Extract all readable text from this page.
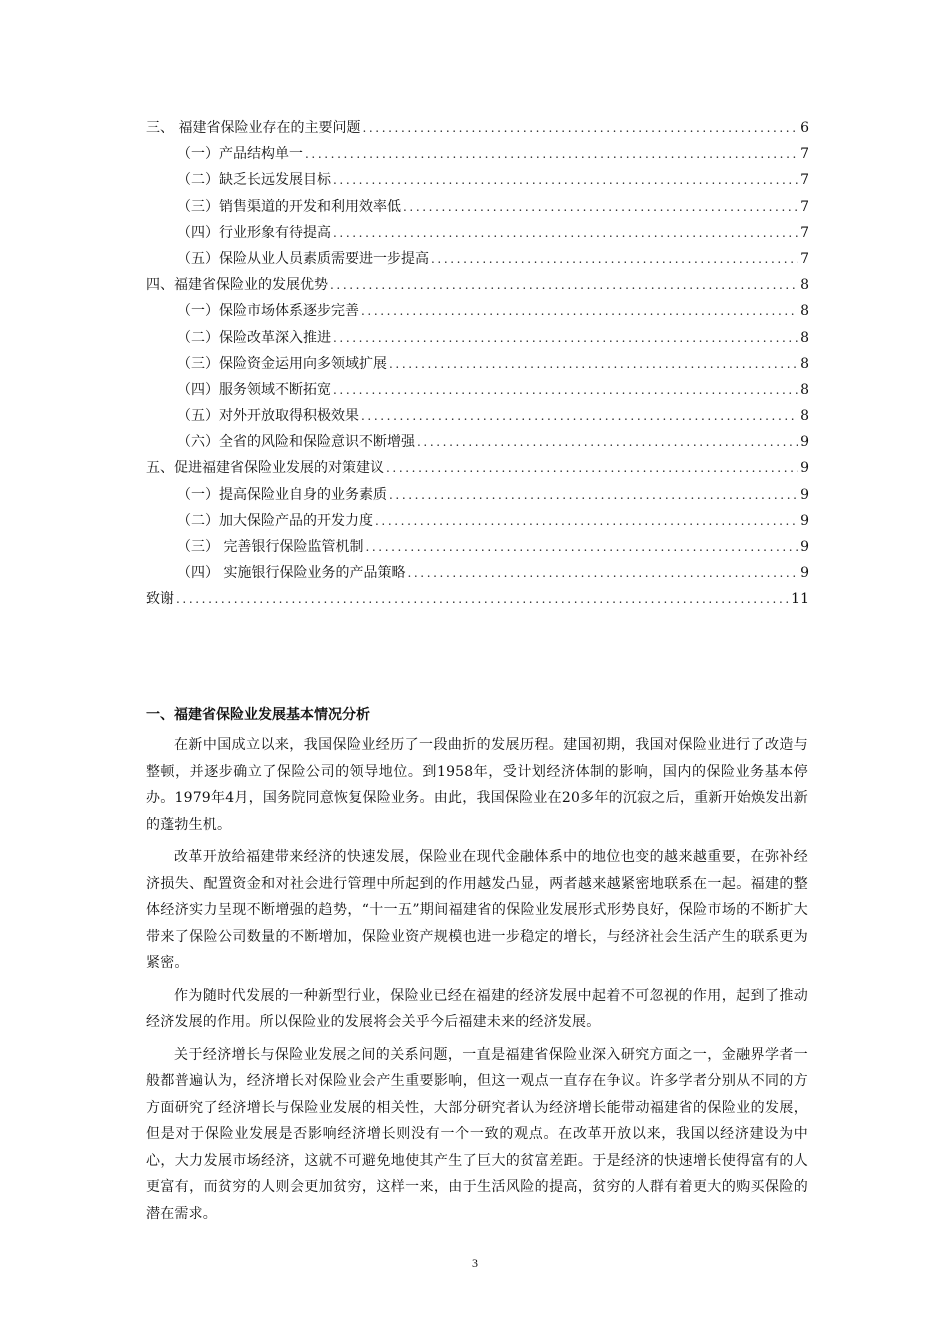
三、 福建省保险业存在的主要问题 .....	6
（一）产品结构单一 .....	7
（二）缺乏长远发展目标 .....	7
（三）销售渠道的开发和利用效率低 .....	7
（四）行业形象有待提高 .....	7
（五）保险从业人员素质需要进一步提高 .....	7
四、福建省保险业的发展优势 .....	8
（一）保险市场体系逐步完善 .....	8
（二）保险改革深入推进 .....	8
（三）保险资金运用向多领域扩展 .....	8
（四）服务领域不断拓宽 .....	8
（五）对外开放取得积极效果 .....	8
（六）全省的风险和保险意识不断增强 .....	9
五、促进福建省保险业发展的对策建议 .....	9
（一）提高保险业自身的业务素质 .....	9
（二）加大保险产品的开发力度 .....	9
（三） 完善银行保险监管机制 .....	9
（四） 实施银行保险业务的产品策略 .....	9
致谢 .....	11
一、福建省保险业发展基本情况分析

在新中国成立以来，我国保险业经历了一段曲折的发展历程。建国初期，我国对保险业进行了改造与整顿，并逐步确立了保险公司的领导地位。到1958年，受计划经济体制的影响，国内的保险业务基本停办。1979年4月，国务院同意恢复保险业务。由此，我国保险业在20多年的沉寂之后，重新开始焕发出新的蓬勃生机。

改革开放给福建带来经济的快速发展，保险业在现代金融体系中的地位也变的越来越重要，在弥补经济损失、配置资金和对社会进行管理中所起到的作用越发凸显，两者越来越紧密地联系在一起。福建的整体经济实力呈现不断增强的趋势，“十一五”期间福建省的保险业发展形式形势良好，保险市场的不断扩大带来了保险公司数量的不断增加，保险业资产规模也进一步稳定的增长，与经济社会生活产生的联系更为紧密。

作为随时代发展的一种新型行业，保险业已经在福建的经济发展中起着不可忽视的作用，起到了推动经济发展的作用。所以保险业的发展将会关乎今后福建未来的经济发展。

关于经济增长与保险业发展之间的关系问题，一直是福建省保险业深入研究方面之一，金融界学者一般都普遍认为，经济增长对保险业会产生重要影响，但这一观点一直存在争议。许多学者分别从不同的方方面研究了经济增长与保险业发展的相关性，大部分研究者认为经济增长能带动福建省的保险业的发展，但是对于保险业发展是否影响经济增长则没有一个一致的观点。在改革开放以来，我国以经济建设为中心，大力发展市场经济，这就不可避免地使其产生了巨大的贫富差距。于是经济的快速增长使得富有的人更富有，而贫穷的人则会更加贫穷，这样一来，由于生活风险的提高，贫穷的人群有着更大的购买保险的潜在需求。

3
